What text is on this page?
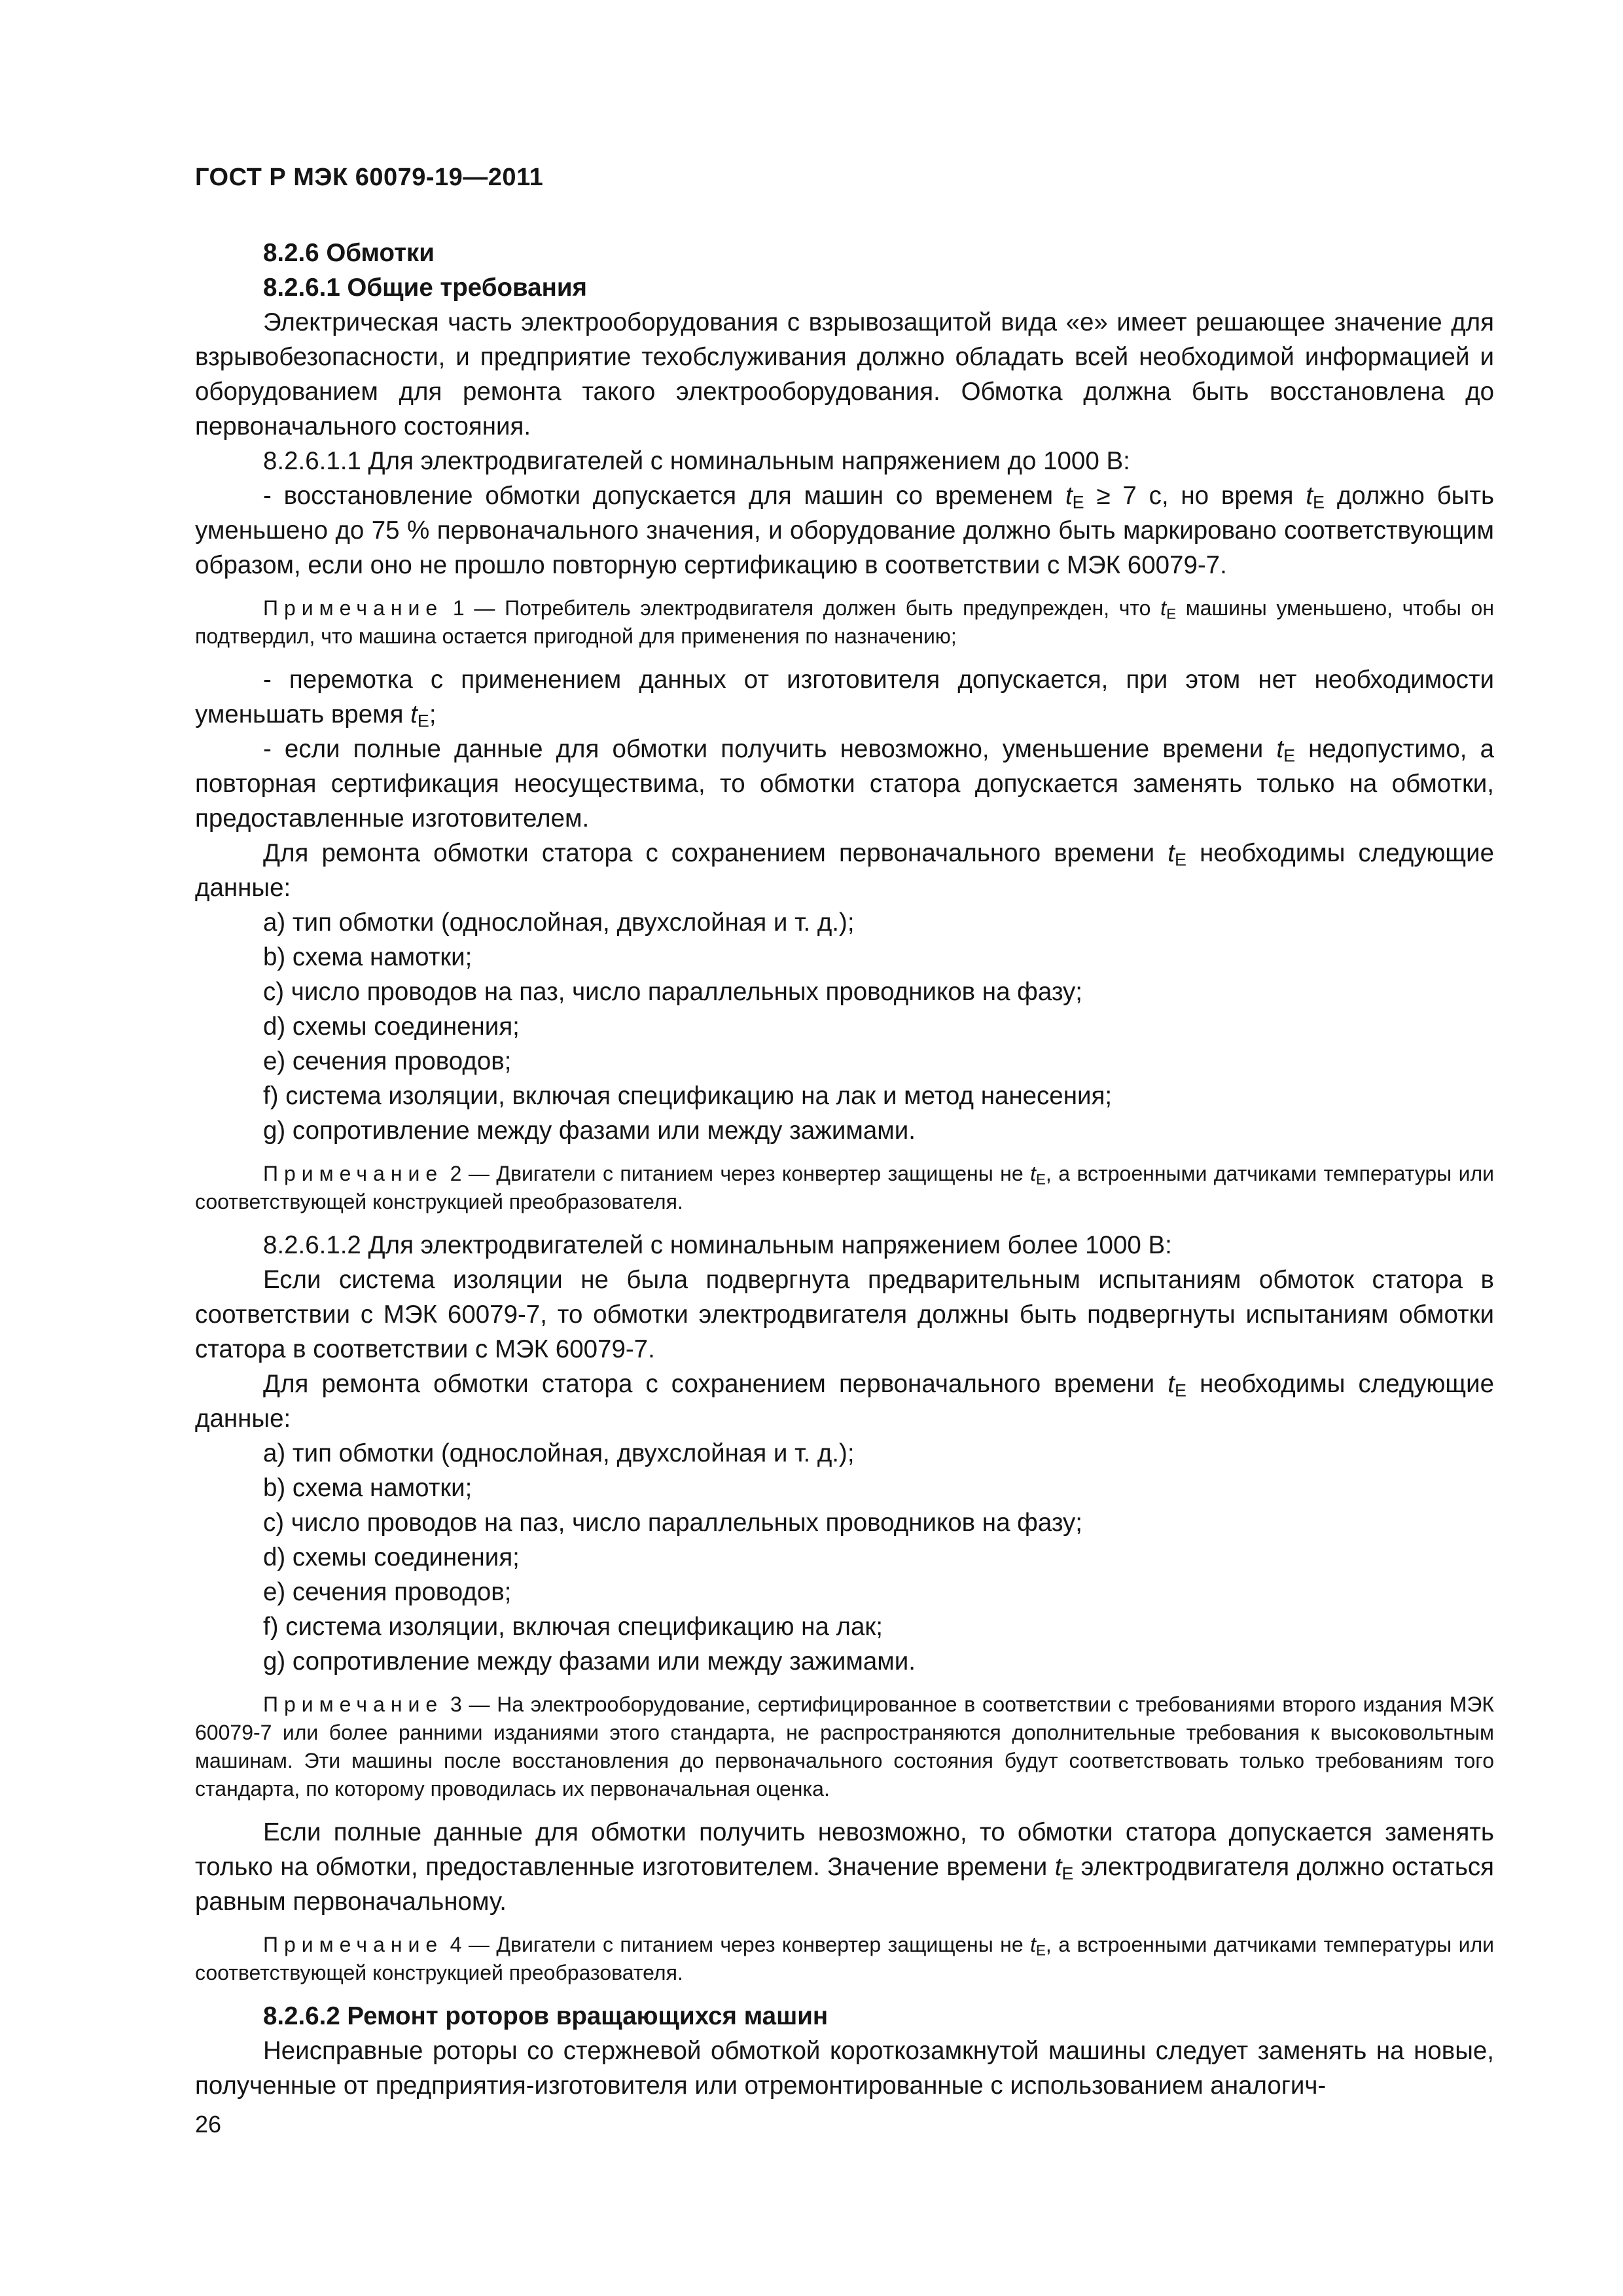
ГОСТ Р МЭК 60079-19—2011

8.2.6 Обмотки

8.2.6.1 Общие требования

Электрическая часть электрооборудования с взрывозащитой вида «е» имеет решающее значение для взрывобезопасности, и предприятие техобслуживания должно обладать всей необходимой информацией и оборудованием для ремонта такого электрооборудования. Обмотка должна быть восстановлена до первоначального состояния.

8.2.6.1.1 Для электродвигателей с номинальным напряжением до 1000 В:

- восстановление обмотки допускается для машин со временем $t_E \ge 7$ с, но время $t_E$ должно быть уменьшено до 75 % первоначального значения, и оборудование должно быть маркировано соответствующим образом, если оно не прошло повторную сертификацию в соответствии с МЭК 60079-7.

Примечание 1 — Потребитель электродвигателя должен быть предупрежден, что $t_E$ машины уменьшено, чтобы он подтвердил, что машина остается пригодной для применения по назначению;

- перемотка с применением данных от изготовителя допускается, при этом нет необходимости уменьшать время $t_E$;

- если полные данные для обмотки получить невозможно, уменьшение времени $t_E$ недопустимо, а повторная сертификация неосуществима, то обмотки статора допускается заменять только на обмотки, предоставленные изготовителем.

Для ремонта обмотки статора с сохранением первоначального времени $t_E$ необходимы следующие данные:

a) тип обмотки (однослойная, двухслойная и т. д.);

b) схема намотки;

c) число проводов на паз, число параллельных проводников на фазу;

d) схемы соединения;

e) сечения проводов;

f) система изоляции, включая спецификацию на лак и метод нанесения;

g) сопротивление между фазами или между зажимами.

Примечание 2 — Двигатели с питанием через конвертер защищены не $t_E$, а встроенными датчиками температуры или соответствующей конструкцией преобразователя.

8.2.6.1.2 Для электродвигателей с номинальным напряжением более 1000 В:

Если система изоляции не была подвергнута предварительным испытаниям обмоток статора в соответствии с МЭК 60079-7, то обмотки электродвигателя должны быть подвергнуты испытаниям обмотки статора в соответствии с МЭК 60079-7.

Для ремонта обмотки статора с сохранением первоначального времени $t_E$ необходимы следующие данные:

a) тип обмотки (однослойная, двухслойная и т. д.);

b) схема намотки;

c) число проводов на паз, число параллельных проводников на фазу;

d) схемы соединения;

e) сечения проводов;

f) система изоляции, включая спецификацию на лак;

g) сопротивление между фазами или между зажимами.

Примечание 3 — На электрооборудование, сертифицированное в соответствии с требованиями второго издания МЭК 60079-7 или более ранними изданиями этого стандарта, не распространяются дополнительные требования к высоковольтным машинам. Эти машины после восстановления до первоначального состояния будут соответствовать только требованиям того стандарта, по которому проводилась их первоначальная оценка.

Если полные данные для обмотки получить невозможно, то обмотки статора допускается заменять только на обмотки, предоставленные изготовителем. Значение времени $t_E$ электродвигателя должно остаться равным первоначальному.

Примечание 4 — Двигатели с питанием через конвертер защищены не $t_E$, а встроенными датчиками температуры или соответствующей конструкцией преобразователя.

8.2.6.2 Ремонт роторов вращающихся машин

Неисправные роторы со стержневой обмоткой короткозамкнутой машины следует заменять на новые, полученные от предприятия-изготовителя или отремонтированные с использованием аналогич-

26
